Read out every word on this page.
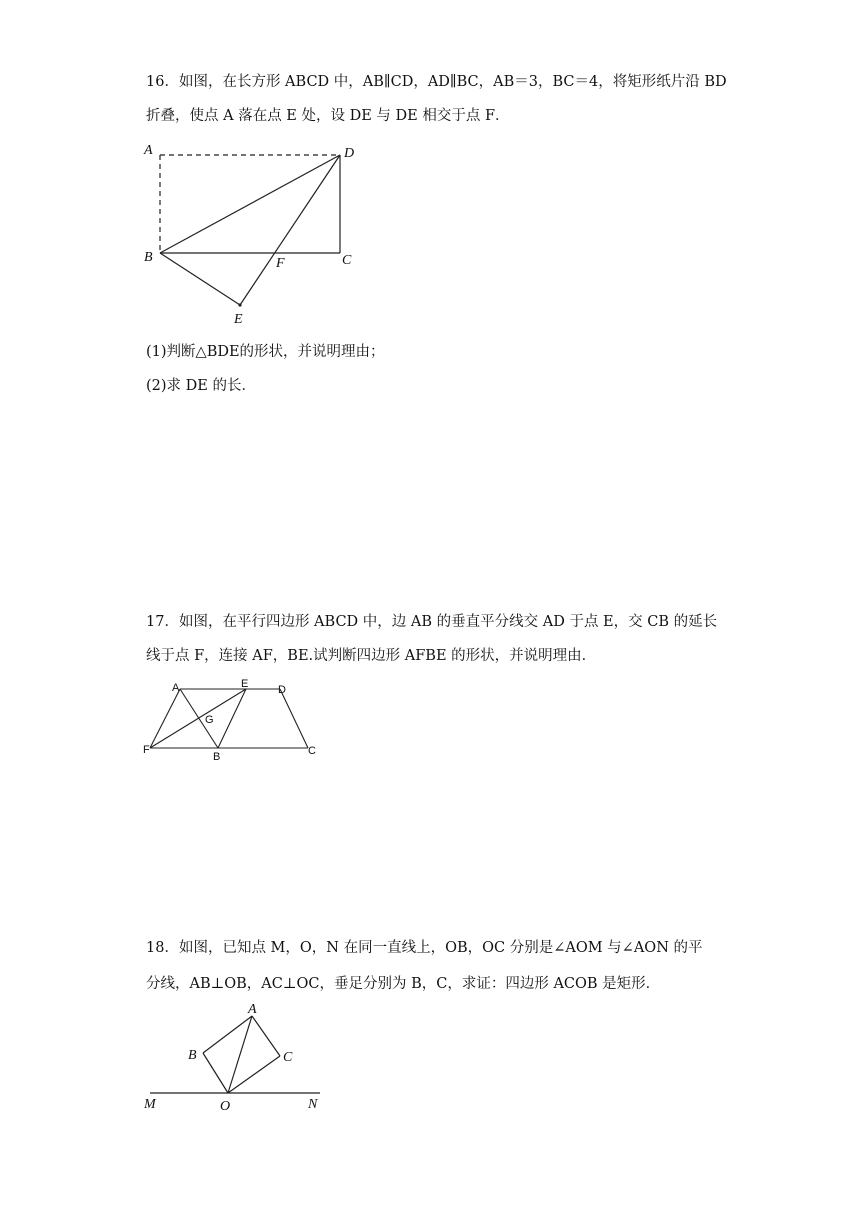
16．如图，在长方形 ABCD 中，AB∥CD，AD∥BC，AB＝3，BC＝4，将矩形纸片沿 BD
折叠，使点 A 落在点 E 处，设 DE 与 DE 相交于点 F．
A	D
B	C
F
E
(1)判断△BDE的形状，并说明理由；
(2)求 DE 的长．
17．如图，在平行四边形 ABCD 中，边 AB 的垂直平分线交 AD 于点 E，交 CB 的延长
线于点 F，连接 AF，BE.试判断四边形 AFBE 的形状，并说明理由．
A	E	D
G
F
B	C
18．如图，已知点 M，O，N 在同一直线上，OB，OC 分别是∠AOM 与∠AON 的平
分线，AB⊥OB，AC⊥OC，垂足分别为 B，C，求证：四边形 ACOB 是矩形．
A
B	C
M	O	N
